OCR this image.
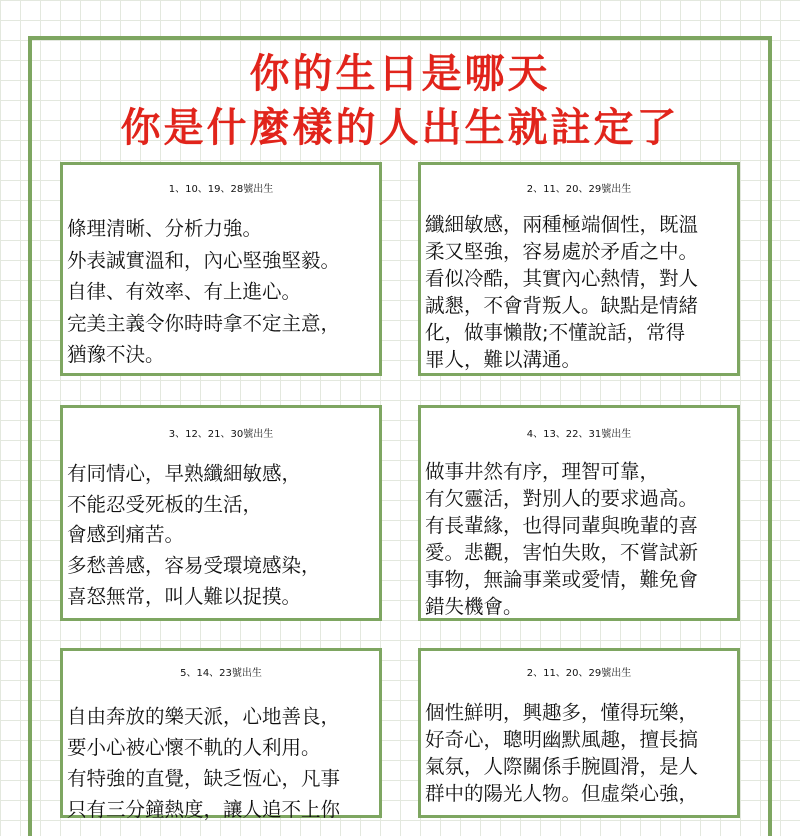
你的生日是哪天
你是什麼樣的人出生就註定了
1、10、19、28號出生
條理清晰、分析力強。
外表誠實溫和，內心堅強堅毅。
自律、有效率、有上進心。
完美主義令你時時拿不定主意，
猶豫不決。
2、11、20、29號出生
纖細敏感，兩種極端個性，既溫
柔又堅強，容易處於矛盾之中。
看似冷酷，其實內心熱情，對人
誠懇，不會背叛人。缺點是情緒
化，做事懶散;不懂說話，常得
罪人，難以溝通。
3、12、21、30號出生
有同情心，早熟纖細敏感，
不能忍受死板的生活，
會感到痛苦。
多愁善感，容易受環境感染，
喜怒無常，叫人難以捉摸。
4、13、22、31號出生
做事井然有序，理智可靠，
有欠靈活，對別人的要求過高。
有長輩緣，也得同輩與晚輩的喜
愛。悲觀，害怕失敗，不嘗試新
事物，無論事業或愛情，難免會
錯失機會。
5、14、23號出生
自由奔放的樂天派，心地善良，
要小心被心懷不軌的人利用。
有特強的直覺，缺乏恆心，凡事
只有三分鐘熱度，讓人追不上你
2、11、20、29號出生
個性鮮明，興趣多，懂得玩樂，
好奇心，聰明幽默風趣，擅長搞
氣氛，人際關係手腕圓滑，是人
群中的陽光人物。但虛榮心強，
